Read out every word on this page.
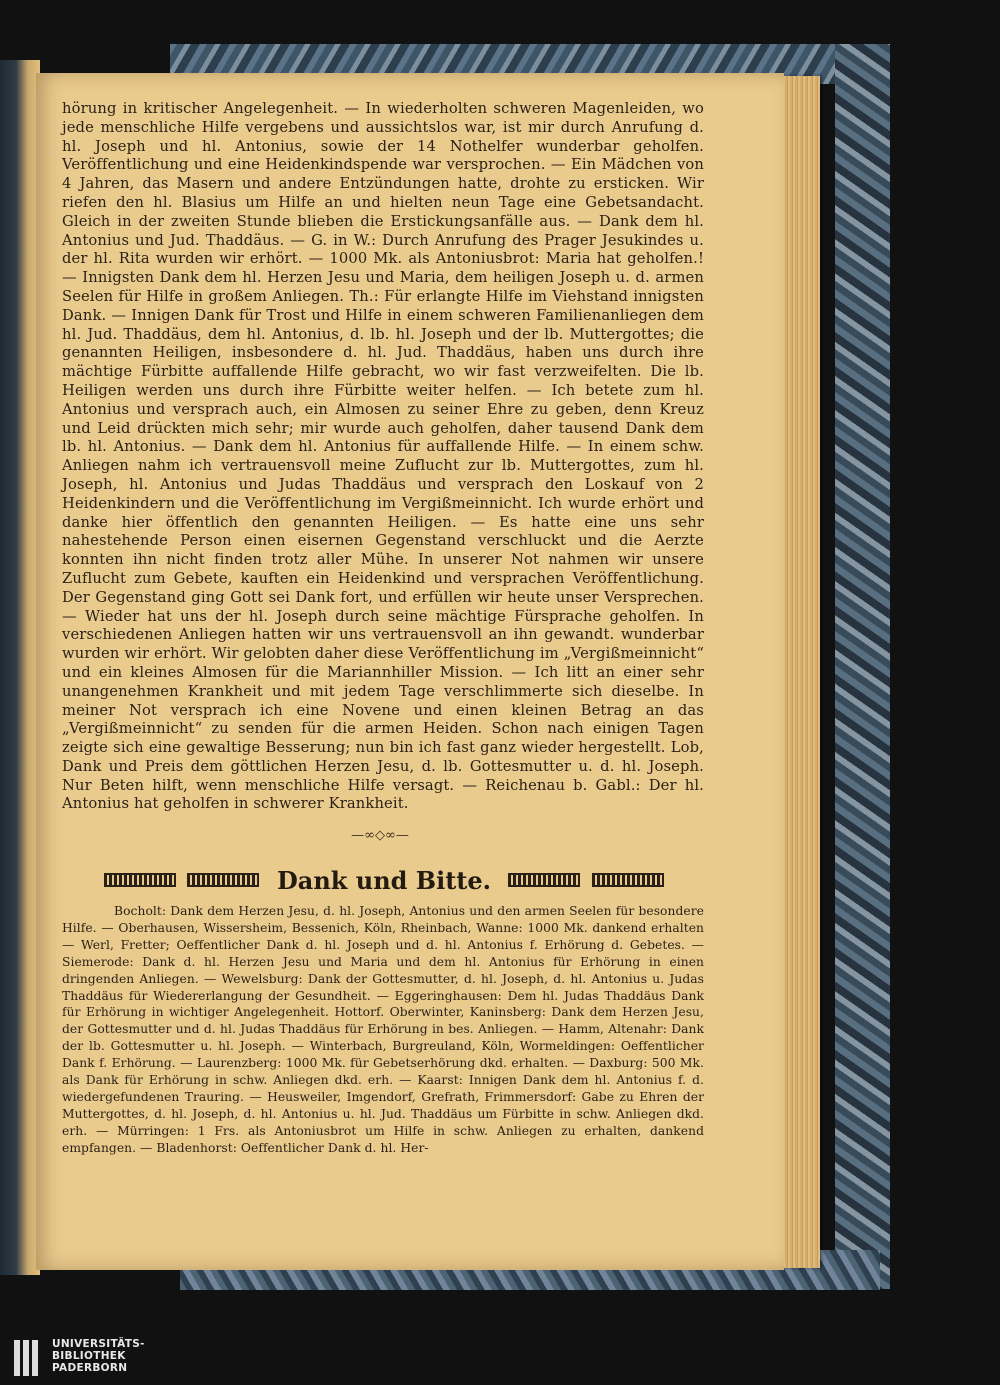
hörung in kritischer Angelegenheit. — In wiederholten schweren Magenleiden, wo jede menschliche Hilfe vergebens und aussichtslos war, ist mir durch Anrufung d. hl. Joseph und hl. Antonius, sowie der 14 Nothelfer wunderbar geholfen. Veröffentlichung und eine Heidenkindspende war versprochen. — Ein Mädchen von 4 Jahren, das Masern und andere Entzündungen hatte, drohte zu ersticken. Wir riefen den hl. Blasius um Hilfe an und hielten neun Tage eine Gebetsandacht. Gleich in der zweiten Stunde blieben die Erstickungsanfälle aus. — Dank dem hl. Antonius und Jud. Thaddäus. — G. in W.: Durch Anrufung des Prager Jesukindes u. der hl. Rita wurden wir erhört. — 1000 Mk. als Antoniusbrot: Maria hat geholfen.! — Innigsten Dank dem hl. Herzen Jesu und Maria, dem heiligen Joseph u. d. armen Seelen für Hilfe in großem Anliegen. Th.: Für erlangte Hilfe im Viehstand innigsten Dank. — Innigen Dank für Trost und Hilfe in einem schweren Familienanliegen dem hl. Jud. Thaddäus, dem hl. Antonius, d. lb. hl. Joseph und der lb. Muttergottes; die genannten Heiligen, insbesondere d. hl. Jud. Thaddäus, haben uns durch ihre mächtige Fürbitte auffallende Hilfe gebracht, wo wir fast verzweifelten. Die lb. Heiligen werden uns durch ihre Fürbitte weiter helfen. — Ich betete zum hl. Antonius und versprach auch, ein Almosen zu seiner Ehre zu geben, denn Kreuz und Leid drückten mich sehr; mir wurde auch geholfen, daher tausend Dank dem lb. hl. Antonius. — Dank dem hl. Antonius für auffallende Hilfe. — In einem schw. Anliegen nahm ich vertrauensvoll meine Zuflucht zur lb. Muttergottes, zum hl. Joseph, hl. Antonius und Judas Thaddäus und versprach den Loskauf von 2 Heidenkindern und die Veröffentlichung im Vergißmeinnicht. Ich wurde erhört und danke hier öffentlich den genannten Heiligen. — Es hatte eine uns sehr nahestehende Person einen eisernen Gegenstand verschluckt und die Aerzte konnten ihn nicht finden trotz aller Mühe. In unserer Not nahmen wir unsere Zuflucht zum Gebete, kauften ein Heidenkind und versprachen Veröffentlichung. Der Gegenstand ging Gott sei Dank fort, und erfüllen wir heute unser Versprechen. — Wieder hat uns der hl. Joseph durch seine mächtige Fürsprache geholfen. In verschiedenen Anliegen hatten wir uns vertrauensvoll an ihn gewandt. wunderbar wurden wir erhört. Wir gelobten daher diese Veröffentlichung im „Vergißmeinnicht“ und ein kleines Almosen für die Mariannhiller Mission. — Ich litt an einer sehr unangenehmen Krankheit und mit jedem Tage verschlimmerte sich dieselbe. In meiner Not versprach ich eine Novene und einen kleinen Betrag an das „Vergißmeinnicht“ zu senden für die armen Heiden. Schon nach einigen Tagen zeigte sich eine gewaltige Besserung; nun bin ich fast ganz wieder hergestellt. Lob, Dank und Preis dem göttlichen Herzen Jesu, d. lb. Gottesmutter u. d. hl. Joseph. Nur Beten hilft, wenn menschliche Hilfe versagt. — Reichenau b. Gabl.: Der hl. Antonius hat geholfen in schwerer Krankheit.
—∞◇∞—
Dank und Bitte.
Bocholt: Dank dem Herzen Jesu, d. hl. Joseph, Antonius und den armen Seelen für besondere Hilfe. — Oberhausen, Wissersheim, Bessenich, Köln, Rheinbach, Wanne: 1000 Mk. dankend erhalten — Werl, Fretter; Oeffentlicher Dank d. hl. Joseph und d. hl. Antonius f. Erhörung d. Gebetes. — Siemerode: Dank d. hl. Herzen Jesu und Maria und dem hl. Antonius für Erhörung in einen dringenden Anliegen. — Wewelsburg: Dank der Gottesmutter, d. hl. Joseph, d. hl. Antonius u. Judas Thaddäus für Wiedererlangung der Gesundheit. — Eggeringhausen: Dem hl. Judas Thaddäus Dank für Erhörung in wichtiger Angelegenheit. Hottorf. Oberwinter, Kaninsberg: Dank dem Herzen Jesu, der Gottesmutter und d. hl. Judas Thaddäus für Erhörung in bes. Anliegen. — Hamm, Altenahr: Dank der lb. Gottesmutter u. hl. Joseph. — Winterbach, Burgreuland, Köln, Wormeldingen: Oeffentlicher Dank f. Erhörung. — Laurenzberg: 1000 Mk. für Gebetserhörung dkd. erhalten. — Daxburg: 500 Mk. als Dank für Erhörung in schw. Anliegen dkd. erh. — Kaarst: Innigen Dank dem hl. Antonius f. d. wiedergefundenen Trauring. — Heusweiler, Imgendorf, Grefrath, Frimmersdorf: Gabe zu Ehren der Muttergottes, d. hl. Joseph, d. hl. Antonius u. hl. Jud. Thaddäus um Fürbitte in schw. Anliegen dkd. erh. — Mürringen: 1 Frs. als Antoniusbrot um Hilfe in schw. Anliegen zu erhalten, dankend empfangen. — Bladenhorst: Oeffentlicher Dank d. hl. Her-
UNIVERSITÄTS-
BIBLIOTHEK
PADERBORN
